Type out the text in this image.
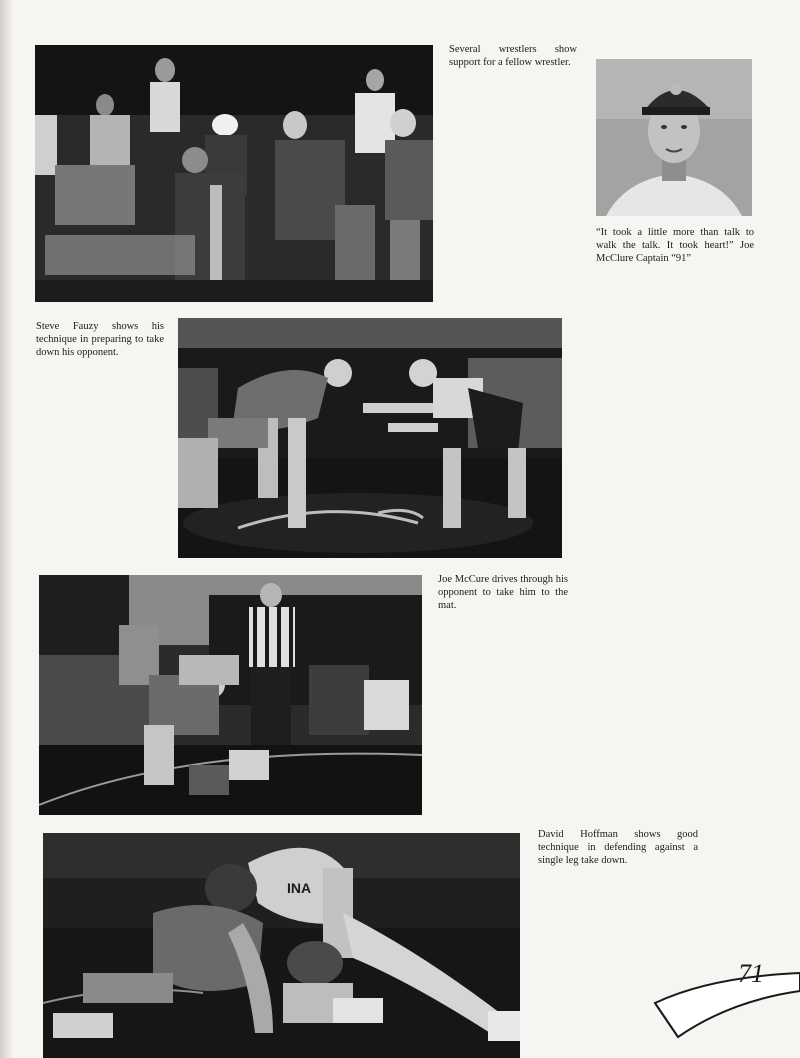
Several wrestlers show support for a fellow wrestler.

“It took a little more than talk to walk the talk. It took heart!” Joe McClure Captain “91”

Steve Fauzy shows his technique in preparing to take down his opponent.

Joe McCure drives through his opponent to take him to the mat.

David Hoffman shows good technique in defending against a single leg take down.

INA
71
